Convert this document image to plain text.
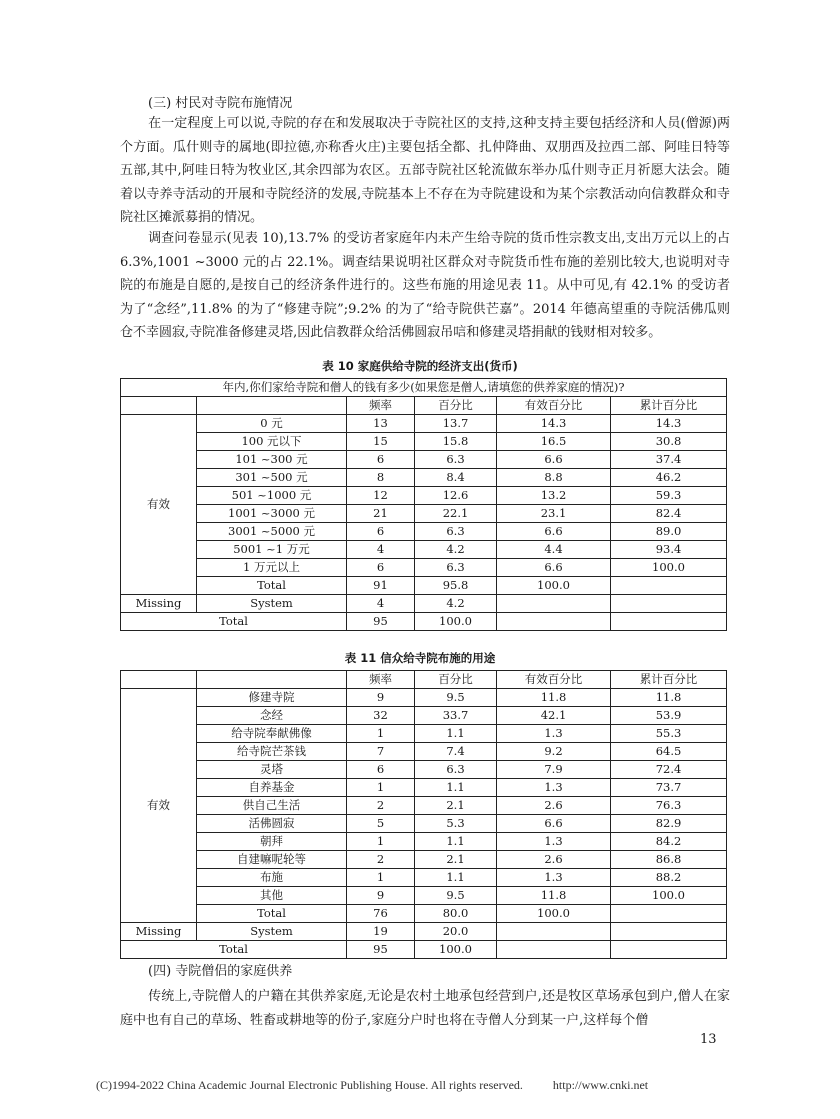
(三) 村民对寺院布施情况
在一定程度上可以说,寺院的存在和发展取决于寺院社区的支持,这种支持主要包括经济和人员(僧源)两个方面。瓜什则寺的属地(即拉德,亦称香火庄)主要包括全都、扎仲降曲、双朋西及拉西二部、阿哇日特等五部,其中,阿哇日特为牧业区,其余四部为农区。五部寺院社区轮流做东举办瓜什则寺正月祈愿大法会。随着以寺养寺活动的开展和寺院经济的发展,寺院基本上不存在为寺院建设和为某个宗教活动向信教群众和寺院社区摊派募捐的情况。
调查问卷显示(见表 10),13.7% 的受访者家庭年内未产生给寺院的货币性宗教支出,支出万元以上的占 6.3%,1001 ~3000 元的占 22.1%。调查结果说明社区群众对寺院货币性布施的差别比较大,也说明对寺院的布施是自愿的,是按自己的经济条件进行的。这些布施的用途见表 11。从中可见,有 42.1% 的受访者为了“念经”,11.8% 的为了“修建寺院”;9.2% 的为了“给寺院供芒嘉”。2014 年德高望重的寺院活佛瓜则仓不幸圆寂,寺院准备修建灵塔,因此信教群众给活佛圆寂吊唁和修建灵塔捐献的钱财相对较多。
表 10 家庭供给寺院的经济支出(货币)
年内,你们家给寺院和僧人的钱有多少(如果您是僧人,请填您的供养家庭的情况)?					
		频率	百分比	有效百分比	累计百分比
有效	0 元	13	13.7	14.3	14.3
	100 元以下	15	15.8	16.5	30.8
	101 ~300 元	6	6.3	6.6	37.4
	301 ~500 元	8	8.4	8.8	46.2
	501 ~1000 元	12	12.6	13.2	59.3
	1001 ~3000 元	21	22.1	23.1	82.4
	3001 ~5000 元	6	6.3	6.6	89.0
	5001 ~1 万元	4	4.2	4.4	93.4
	1 万元以上	6	6.3	6.6	100.0
	Total	91	95.8	100.0	
Missing	System	4	4.2		
Total		95	100.0		
表 11 信众给寺院布施的用途
		频率	百分比	有效百分比	累计百分比
有效	修建寺院	9	9.5	11.8	11.8
	念经	32	33.7	42.1	53.9
	给寺院奉献佛像	1	1.1	1.3	55.3
	给寺院芒茶钱	7	7.4	9.2	64.5
	灵塔	6	6.3	7.9	72.4
	自养基金	1	1.1	1.3	73.7
	供自己生活	2	2.1	2.6	76.3
	活佛圆寂	5	5.3	6.6	82.9
	朝拜	1	1.1	1.3	84.2
	自建嘛呢轮等	2	2.1	2.6	86.8
	布施	1	1.1	1.3	88.2
	其他	9	9.5	11.8	100.0
	Total	76	80.0	100.0	
Missing	System	19	20.0		
Total		95	100.0		
(四) 寺院僧侣的家庭供养
传统上,寺院僧人的户籍在其供养家庭,无论是农村土地承包经营到户,还是牧区草场承包到户,僧人在家庭中也有自己的草场、牲畜或耕地等的份子,家庭分户时也将在寺僧人分到某一户,这样每个僧
13
(C)1994-2022 China Academic Journal Electronic Publishing House. All rights reserved.	http://www.cnki.net
